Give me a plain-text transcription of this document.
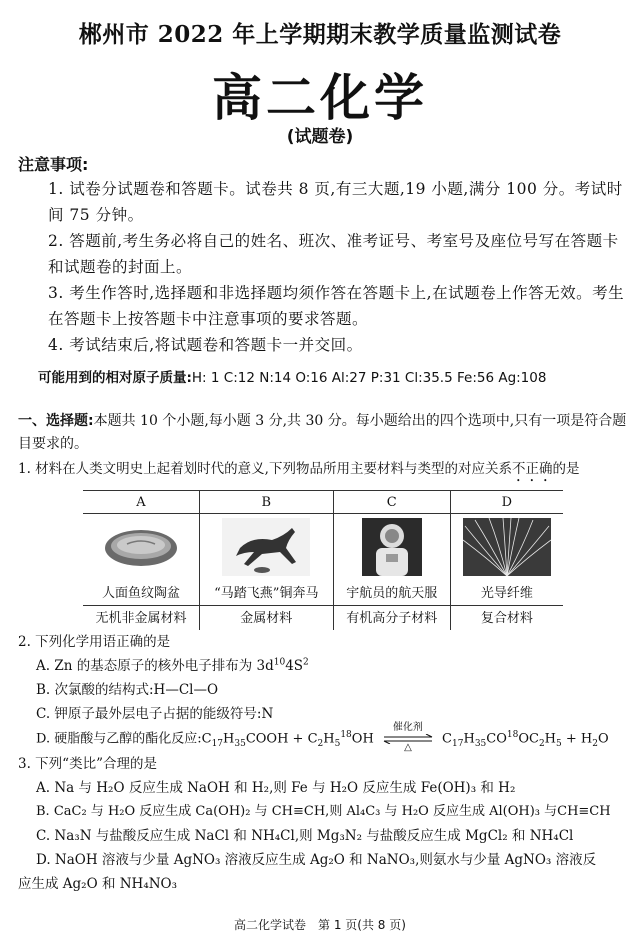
郴州市 2022 年上学期期末教学质量监测试卷
高二化学
(试题卷)
注意事项:
1. 试卷分试题卷和答题卡。试卷共 8 页,有三大题,19 小题,满分 100 分。考试时间 75 分钟。
2. 答题前,考生务必将自己的姓名、班次、准考证号、考室号及座位号写在答题卡和试题卷的封面上。
3. 考生作答时,选择题和非选择题均须作答在答题卡上,在试题卷上作答无效。考生在答题卡上按答题卡中注意事项的要求答题。
4. 考试结束后,将试题卷和答题卡一并交回。
可能用到的相对原子质量:H: 1 C:12 N:14 O:16 Al:27 P:31 Cl:35.5 Fe:56 Ag:108
一、选择题:本题共 10 个小题,每小题 3 分,共 30 分。每小题给出的四个选项中,只有一项是符合题目要求的。
1. 材料在人类文明史上起着划时代的意义,下列物品所用主要材料与类型的对应关系不正确的是
A	B	C	D

人面鱼纹陶盆	“马踏飞燕”铜奔马	宇航员的航天服	光导纤维
无机非金属材料	金属材料	有机高分子材料	复合材料
2. 下列化学用语正确的是
A. Zn 的基态原子的核外电子排布为 $3d^{10}4S^2$
B. 次氯酸的结构式:H—Cl—O
C. 钾原子最外层电子占据的能级符号:N
D. 硬脂酸与乙醇的酯化反应$:C_{17}H_{35}COOH + C_2H_5^{18}OH$
催化剂
△
$C_{17}H_{35}CO^{18}OC_2H_5 + H_2O$
3. 下列“类比”合理的是
A. Na 与 H₂O 反应生成 NaOH 和 H₂,则 Fe 与 H₂O 反应生成 Fe(OH)₃ 和 H₂
B. CaC₂ 与 H₂O 反应生成 Ca(OH)₂ 与 CH≡CH,则 Al₄C₃ 与 H₂O 反应生成 Al(OH)₃ 与CH≡CH
C. Na₃N 与盐酸反应生成 NaCl 和 NH₄Cl,则 Mg₃N₂ 与盐酸反应生成 MgCl₂ 和 NH₄Cl
D. NaOH 溶液与少量 AgNO₃ 溶液反应生成 Ag₂O 和 NaNO₃,则氨水与少量 AgNO₃ 溶液反
应生成 Ag₂O 和 NH₄NO₃
高二化学试卷　第 1 页(共 8 页)
